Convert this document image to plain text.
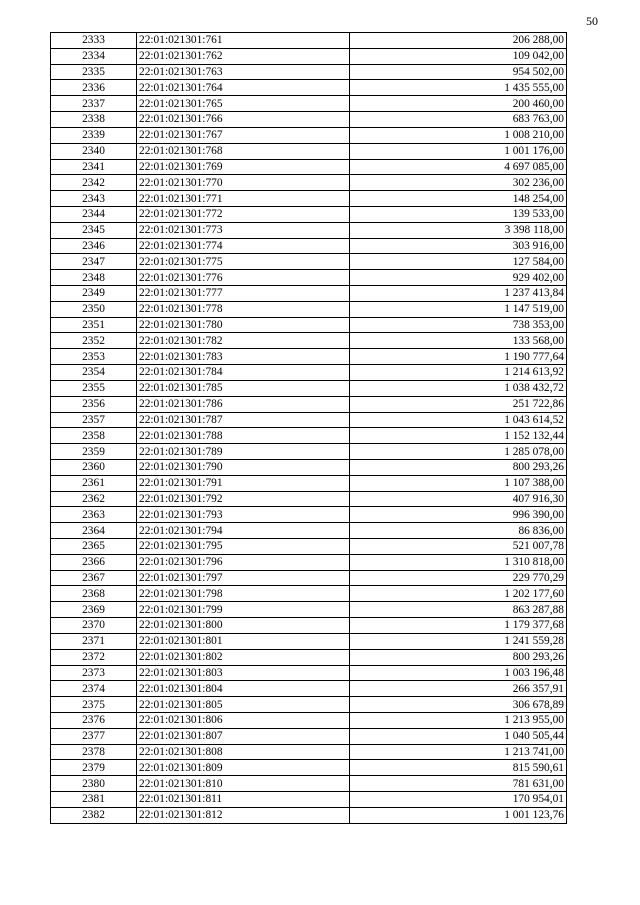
50
2333	22:01:021301:761	206 288,00
2334	22:01:021301:762	109 042,00
2335	22:01:021301:763	954 502,00
2336	22:01:021301:764	1 435 555,00
2337	22:01:021301:765	200 460,00
2338	22:01:021301:766	683 763,00
2339	22:01:021301:767	1 008 210,00
2340	22:01:021301:768	1 001 176,00
2341	22:01:021301:769	4 697 085,00
2342	22:01:021301:770	302 236,00
2343	22:01:021301:771	148 254,00
2344	22:01:021301:772	139 533,00
2345	22:01:021301:773	3 398 118,00
2346	22:01:021301:774	303 916,00
2347	22:01:021301:775	127 584,00
2348	22:01:021301:776	929 402,00
2349	22:01:021301:777	1 237 413,84
2350	22:01:021301:778	1 147 519,00
2351	22:01:021301:780	738 353,00
2352	22:01:021301:782	133 568,00
2353	22:01:021301:783	1 190 777,64
2354	22:01:021301:784	1 214 613,92
2355	22:01:021301:785	1 038 432,72
2356	22:01:021301:786	251 722,86
2357	22:01:021301:787	1 043 614,52
2358	22:01:021301:788	1 152 132,44
2359	22:01:021301:789	1 285 078,00
2360	22:01:021301:790	800 293,26
2361	22:01:021301:791	1 107 388,00
2362	22:01:021301:792	407 916,30
2363	22:01:021301:793	996 390,00
2364	22:01:021301:794	86 836,00
2365	22:01:021301:795	521 007,78
2366	22:01:021301:796	1 310 818,00
2367	22:01:021301:797	229 770,29
2368	22:01:021301:798	1 202 177,60
2369	22:01:021301:799	863 287,88
2370	22:01:021301:800	1 179 377,68
2371	22:01:021301:801	1 241 559,28
2372	22:01:021301:802	800 293,26
2373	22:01:021301:803	1 003 196,48
2374	22:01:021301:804	266 357,91
2375	22:01:021301:805	306 678,89
2376	22:01:021301:806	1 213 955,00
2377	22:01:021301:807	1 040 505,44
2378	22:01:021301:808	1 213 741,00
2379	22:01:021301:809	815 590,61
2380	22:01:021301:810	781 631,00
2381	22:01:021301:811	170 954,01
2382	22:01:021301:812	1 001 123,76
